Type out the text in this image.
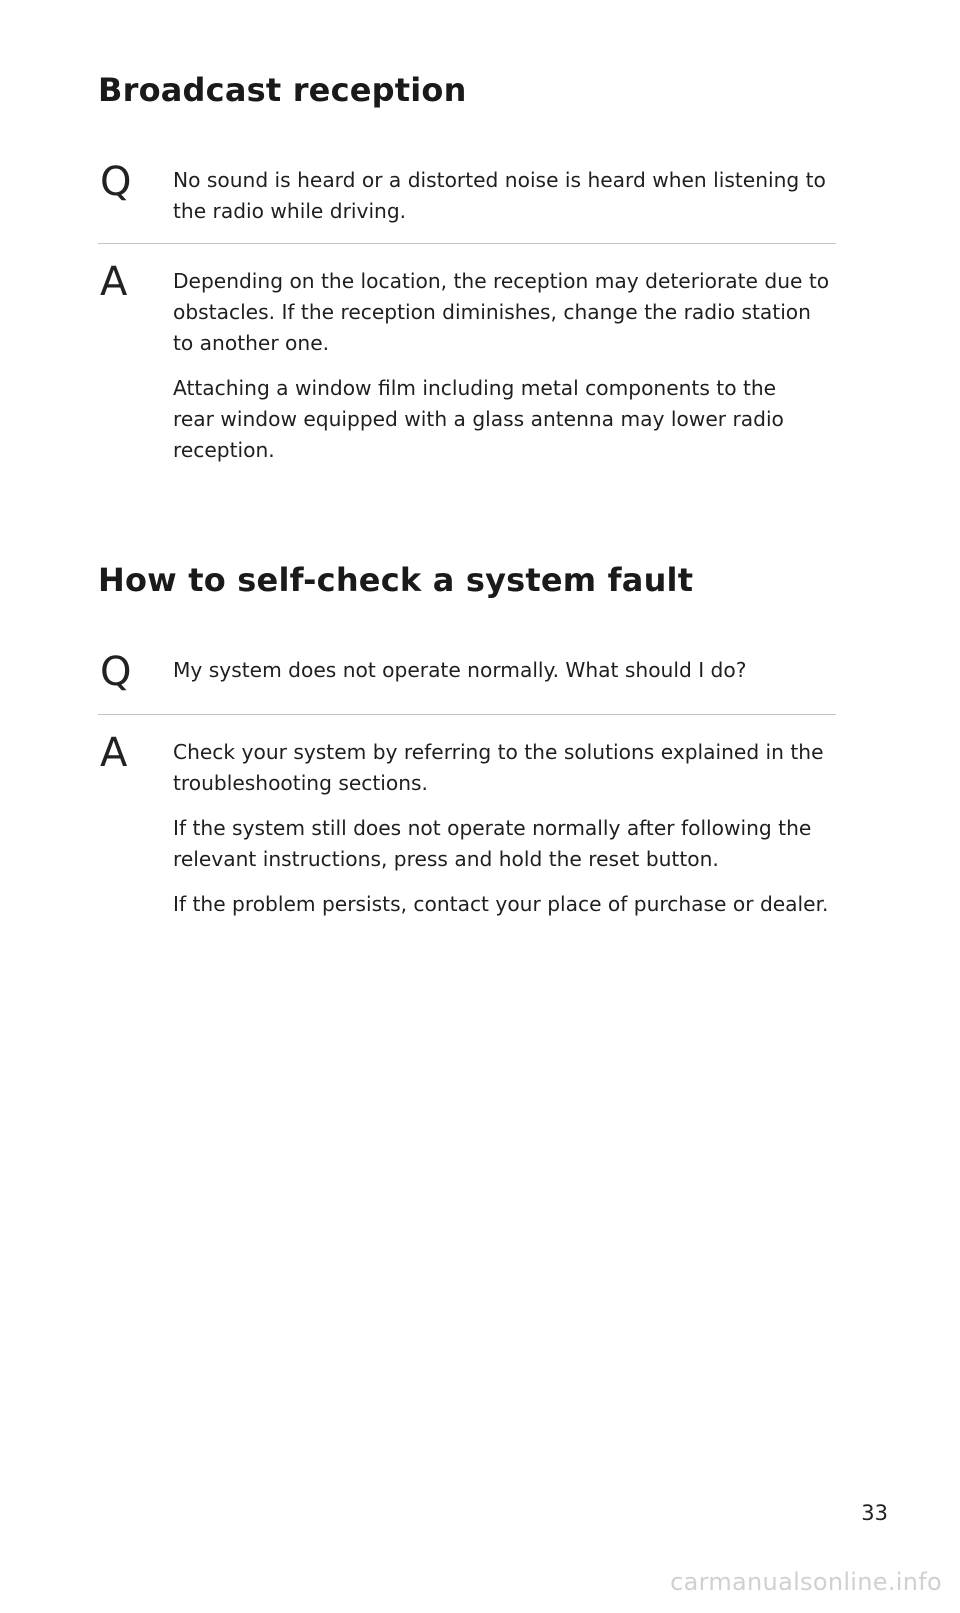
Broadcast reception
Q No sound is heard or a distorted noise is heard when listening to the radio while driving.

A Depending on the location, the reception may deteriorate due to obstacles. If the reception diminishes, change the radio station to another one.

Attaching a window film including metal components to the rear window equipped with a glass antenna may lower radio reception.

How to self-check a system fault
Q My system does not operate normally. What should I do?

A Check your system by referring to the solutions explained in the troubleshooting sections.

If the system still does not operate normally after following the relevant instructions, press and hold the reset button.

If the problem persists, contact your place of purchase or dealer.

33
carmanualsonline.info
